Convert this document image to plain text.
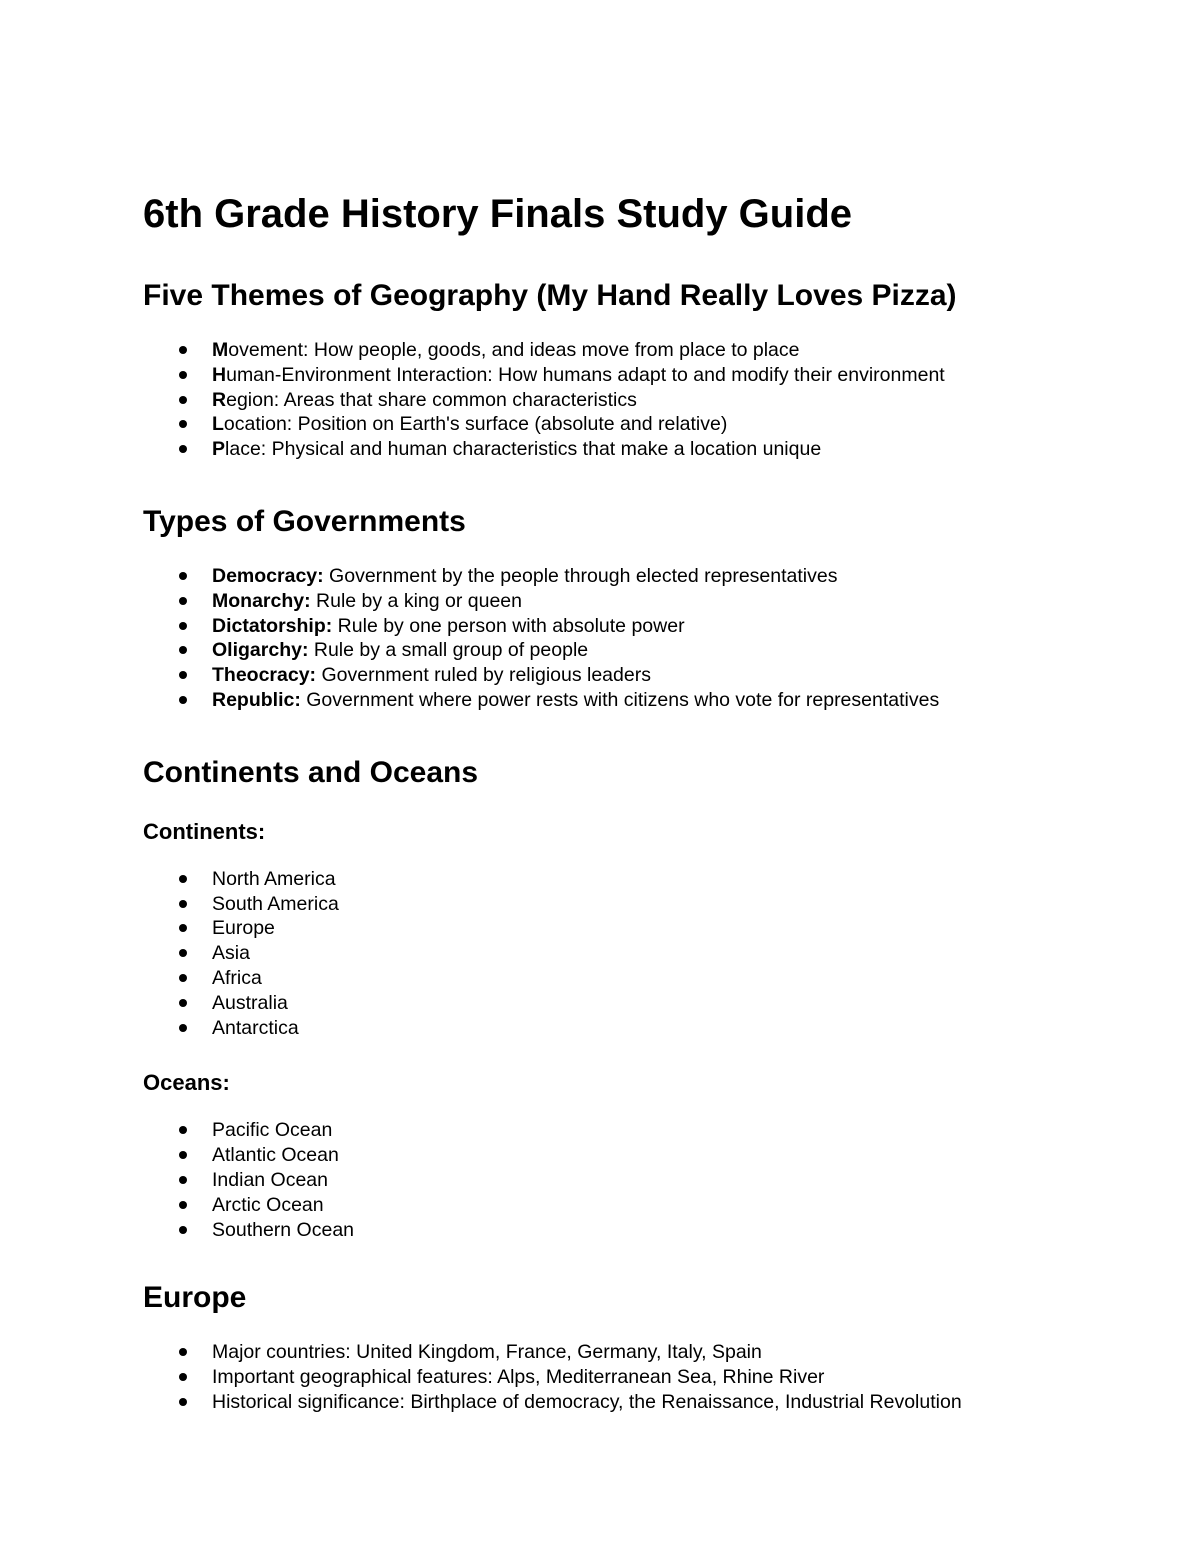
6th Grade History Finals Study Guide
Five Themes of Geography (My Hand Really Loves Pizza)
Movement: How people, goods, and ideas move from place to place
Human-Environment Interaction: How humans adapt to and modify their environment
Region: Areas that share common characteristics
Location: Position on Earth's surface (absolute and relative)
Place: Physical and human characteristics that make a location unique
Types of Governments
Democracy: Government by the people through elected representatives
Monarchy: Rule by a king or queen
Dictatorship: Rule by one person with absolute power
Oligarchy: Rule by a small group of people
Theocracy: Government ruled by religious leaders
Republic: Government where power rests with citizens who vote for representatives
Continents and Oceans
Continents:
North America
South America
Europe
Asia
Africa
Australia
Antarctica
Oceans:
Pacific Ocean
Atlantic Ocean
Indian Ocean
Arctic Ocean
Southern Ocean
Europe
Major countries: United Kingdom, France, Germany, Italy, Spain
Important geographical features: Alps, Mediterranean Sea, Rhine River
Historical significance: Birthplace of democracy, the Renaissance, Industrial Revolution
